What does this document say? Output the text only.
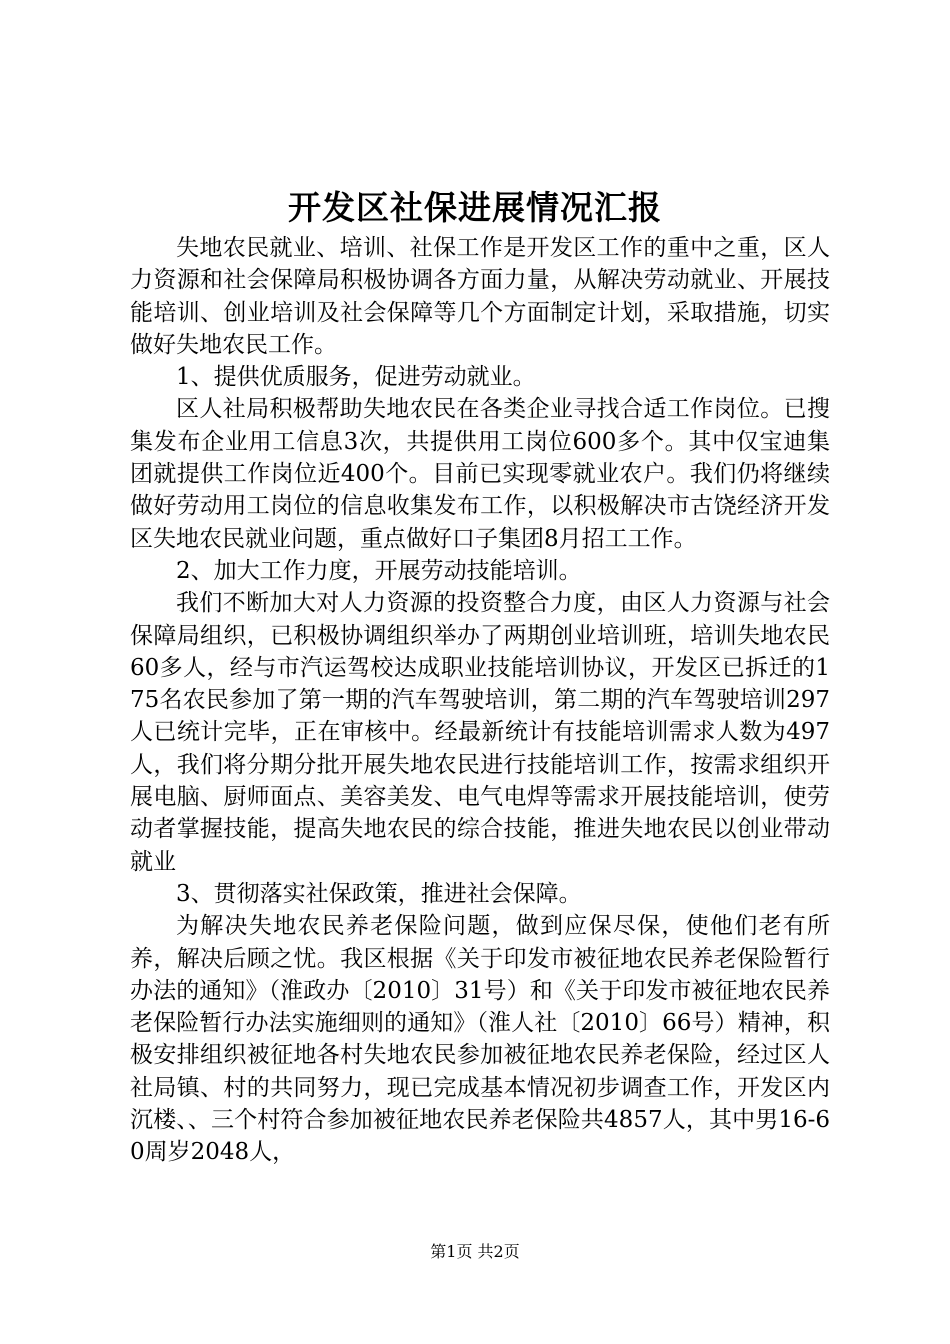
开发区社保进展情况汇报

失地农民就业、培训、社保工作是开发区工作的重中之重，区人力资源和社会保障局积极协调各方面力量，从解决劳动就业、开展技能培训、创业培训及社会保障等几个方面制定计划，采取措施，切实做好失地农民工作。

1、提供优质服务，促进劳动就业。

区人社局积极帮助失地农民在各类企业寻找合适工作岗位。已搜集发布企业用工信息3次，共提供用工岗位600多个。其中仅宝迪集团就提供工作岗位近400个。目前已实现零就业农户。我们仍将继续做好劳动用工岗位的信息收集发布工作，以积极解决市古饶经济开发区失地农民就业问题，重点做好口子集团8月招工工作。

2、加大工作力度，开展劳动技能培训。

我们不断加大对人力资源的投资整合力度，由区人力资源与社会保障局组织，已积极协调组织举办了两期创业培训班，培训失地农民60多人，经与市汽运驾校达成职业技能培训协议，开发区已拆迁的175名农民参加了第一期的汽车驾驶培训，第二期的汽车驾驶培训297人已统计完毕，正在审核中。经最新统计有技能培训需求人数为497人，我们将分期分批开展失地农民进行技能培训工作，按需求组织开展电脑、厨师面点、美容美发、电气电焊等需求开展技能培训，使劳动者掌握技能，提高失地农民的综合技能，推进失地农民以创业带动就业

3、贯彻落实社保政策，推进社会保障。

为解决失地农民养老保险问题，做到应保尽保，使他们老有所养，解决后顾之忧。我区根据《关于印发市被征地农民养老保险暂行办法的通知》（淮政办〔2010〕31号）和《关于印发市被征地农民养老保险暂行办法实施细则的通知》（淮人社〔2010〕66号）精神，积极安排组织被征地各村失地农民参加被征地农民养老保险，经过区人社局镇、村的共同努力，现已完成基本情况初步调查工作，开发区内沉楼、、三个村符合参加被征地农民养老保险共4857人，其中男16-60周岁2048人，

第1页 共2页
